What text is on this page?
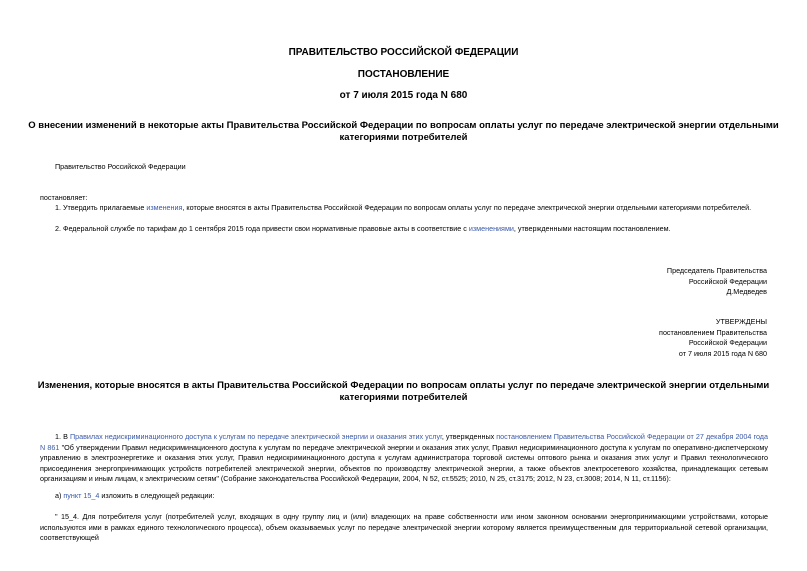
ПРАВИТЕЛЬСТВО РОССИЙСКОЙ ФЕДЕРАЦИИ
ПОСТАНОВЛЕНИЕ
от 7 июля 2015 года N 680
О внесении изменений в некоторые акты Правительства Российской Федерации по вопросам оплаты услуг по передаче электрической энергии отдельными
категориями потребителей
Правительство Российской Федерации
постановляет:
1. Утвердить прилагаемые изменения, которые вносятся в акты Правительства Российской Федерации по вопросам оплаты услуг по передаче электрической энергии отдельными категориями потребителей.
2. Федеральной службе по тарифам до 1 сентября 2015 года привести свои нормативные правовые акты в соответствие с изменениями, утвержденными настоящим постановлением.
Председатель Правительства
Российской Федерации
Д.Медведев
УТВЕРЖДЕНЫ
постановлением Правительства
Российской Федерации
от 7 июля 2015 года N 680
Изменения, которые вносятся в акты Правительства Российской Федерации по вопросам оплаты услуг по передаче электрической энергии отдельными
категориями потребителей
1. В Правилах недискриминационного доступа к услугам по передаче электрической энергии и оказания этих услуг, утвержденных постановлением Правительства Российской Федерации от 27 декабря 2004 года N 861 "Об утверждении Правил недискриминационного доступа к услугам по передаче электрической энергии и оказания этих услуг, Правил недискриминационного доступа к услугам по оперативно-диспетчерскому управлению в электроэнергетике и оказания этих услуг, Правил недискриминационного доступа к услугам администратора торговой системы оптового рынка и оказания этих услуг и Правил технологического присоединения энергопринимающих устройств потребителей электрической энергии, объектов по производству электрической энергии, а также объектов электросетевого хозяйства, принадлежащих сетевым организациям и иным лицам, к электрическим сетям" (Собрание законодательства Российской Федерации, 2004, N 52, ст.5525; 2010, N 25, ст.3175; 2012, N 23, ст.3008; 2014, N 11, ст.1156):
а) пункт 15_4 изложить в следующей редакции:
" 15_4. Для потребителя услуг (потребителей услуг, входящих в одну группу лиц и (или) владеющих на праве собственности или ином законном основании энергопринимающими устройствами, которые используются ими в рамках единого технологического процесса), объем оказываемых услуг по передаче электрической энергии которому является преимущественным для территориальной сетевой организации, соответствующей
